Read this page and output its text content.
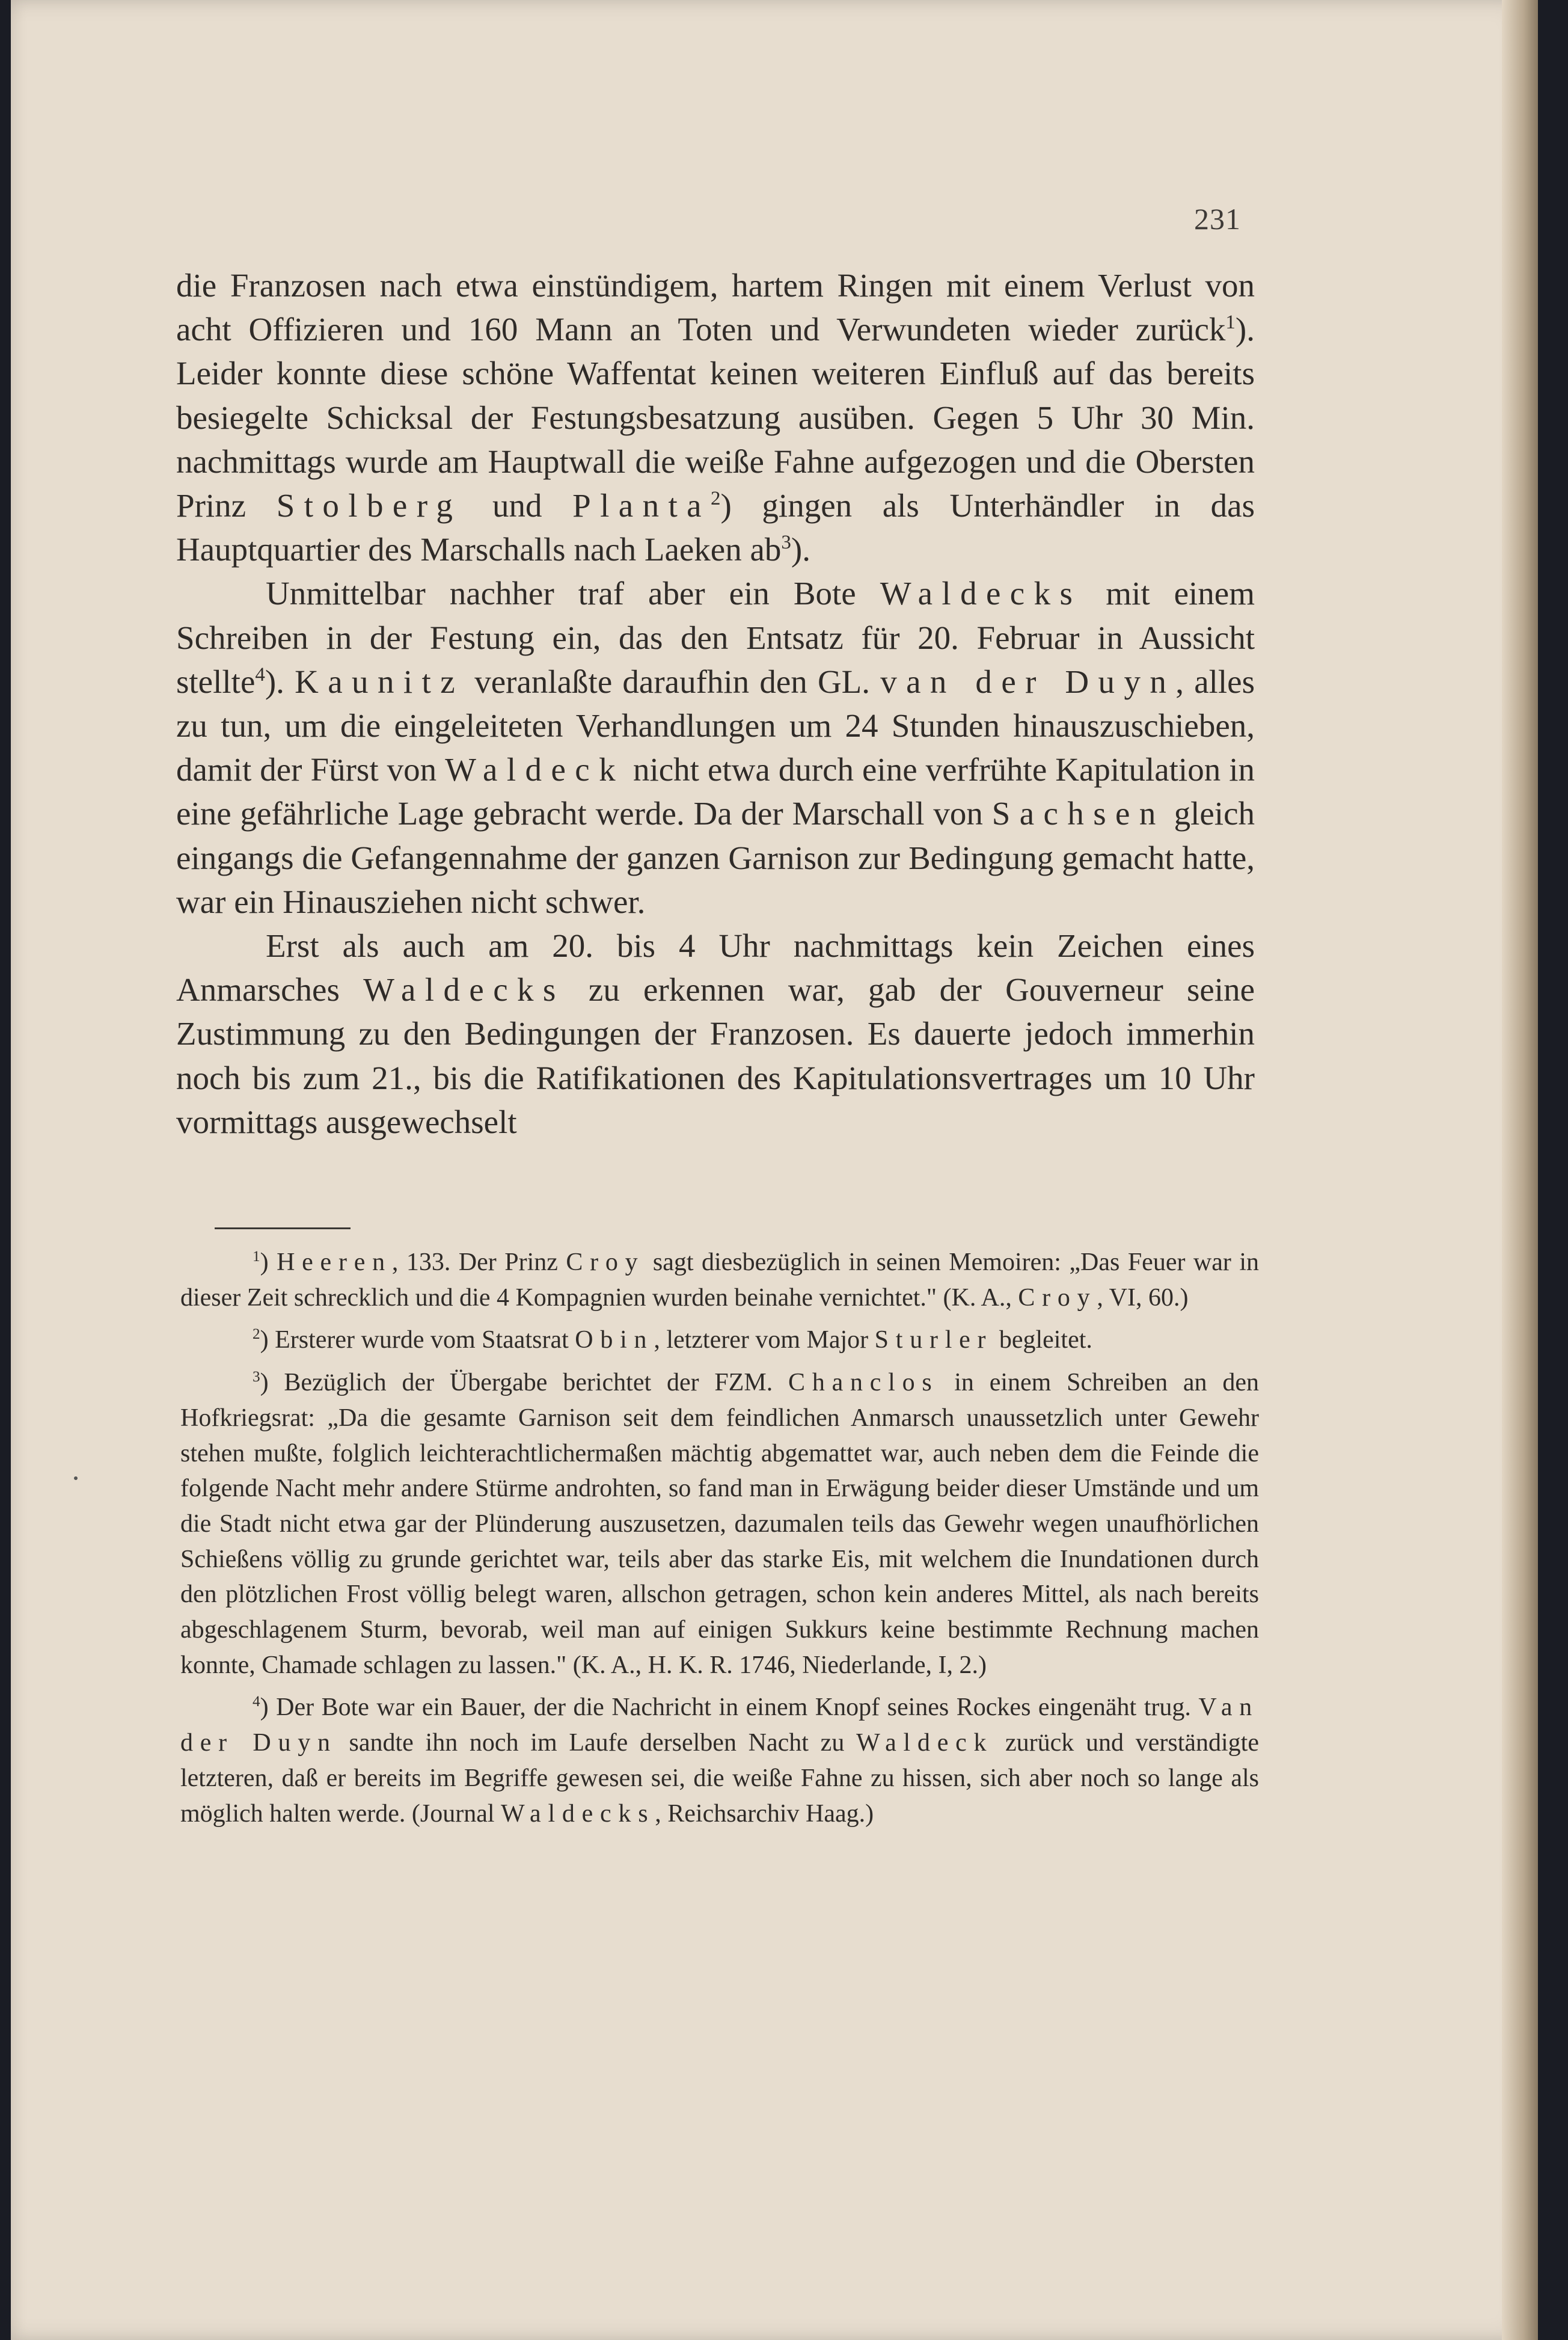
231

die Franzosen nach etwa einstündigem, hartem Ringen mit einem Verlust von acht Offizieren und 160 Mann an Toten und Verwundeten wieder zurück$^1$). Leider konnte diese schöne Waffentat keinen weiteren Einfluß auf das bereits besiegelte Schicksal der Festungsbesatzung ausüben. Gegen 5 Uhr 30 Min. nachmittags wurde am Hauptwall die weiße Fahne aufgezogen und die Obersten Prinz Stolberg und Planta$^2$) gingen als Unterhändler in das Hauptquartier des Marschalls nach Laeken $ab^3$).

Unmittelbar nachher traf aber ein Bote Waldecks mit einem Schreiben in der Festung ein, das den Entsatz für 20. Februar in Aussicht stellte$^4$). Kaunitz veranlaßte daraufhin den GL. van der Duyn, alles zu tun, um die eingeleiteten Verhandlungen um 24 Stunden hinauszuschieben, damit der Fürst von Waldeck nicht etwa durch eine verfrühte Kapitulation in eine gefährliche Lage gebracht werde. Da der Marschall von Sachsen gleich eingangs die Gefangennahme der ganzen Garnison zur Bedingung gemacht hatte, war ein Hinausziehen nicht schwer.

Erst als auch am 20. bis 4 Uhr nachmittags kein Zeichen eines Anmarsches Waldecks zu erkennen war, gab der Gouverneur seine Zustimmung zu den Bedingungen der Franzosen. Es dauerte jedoch immerhin noch bis zum 21., bis die Ratifikationen des Kapitulationsvertrages um 10 Uhr vormittags ausgewechselt

$^1$) Heeren, 133. Der Prinz Croy sagt diesbezüglich in seinen Memoiren: „Das Feuer war in dieser Zeit schrecklich und die 4 Kompagnien wurden beinahe vernichtet." (K. A., Croy, VI, 60.)

$^2$) Ersterer wurde vom Staatsrat Obin, letzterer vom Major Sturler begleitet.

$^3$) Bezüglich der Übergabe berichtet der FZM. Chanclos in einem Schreiben an den Hofkriegsrat: „Da die gesamte Garnison seit dem feindlichen Anmarsch unaussetzlich unter Gewehr stehen mußte, folglich leichterachtlichermaßen mächtig abgemattet war, auch neben dem die Feinde die folgende Nacht mehr andere Stürme androhten, so fand man in Erwägung beider dieser Umstände und um die Stadt nicht etwa gar der Plünderung auszusetzen, dazumalen teils das Gewehr wegen unaufhörlichen Schießens völlig zu grunde gerichtet war, teils aber das starke Eis, mit welchem die Inundationen durch den plötzlichen Frost völlig belegt waren, allschon getragen, schon kein anderes Mittel, als nach bereits abgeschlagenem Sturm, bevorab, weil man auf einigen Sukkurs keine bestimmte Rechnung machen konnte, Chamade schlagen zu lassen." (K. A., H. K. R. 1746, Niederlande, I, 2.)

$^4$) Der Bote war ein Bauer, der die Nachricht in einem Knopf seines Rockes eingenäht trug. Van der Duyn sandte ihn noch im Laufe derselben Nacht zu Waldeck zurück und verständigte letzteren, daß er bereits im Begriffe gewesen sei, die weiße Fahne zu hissen, sich aber noch so lange als möglich halten werde. (Journal Waldecks, Reichsarchiv Haag.)
